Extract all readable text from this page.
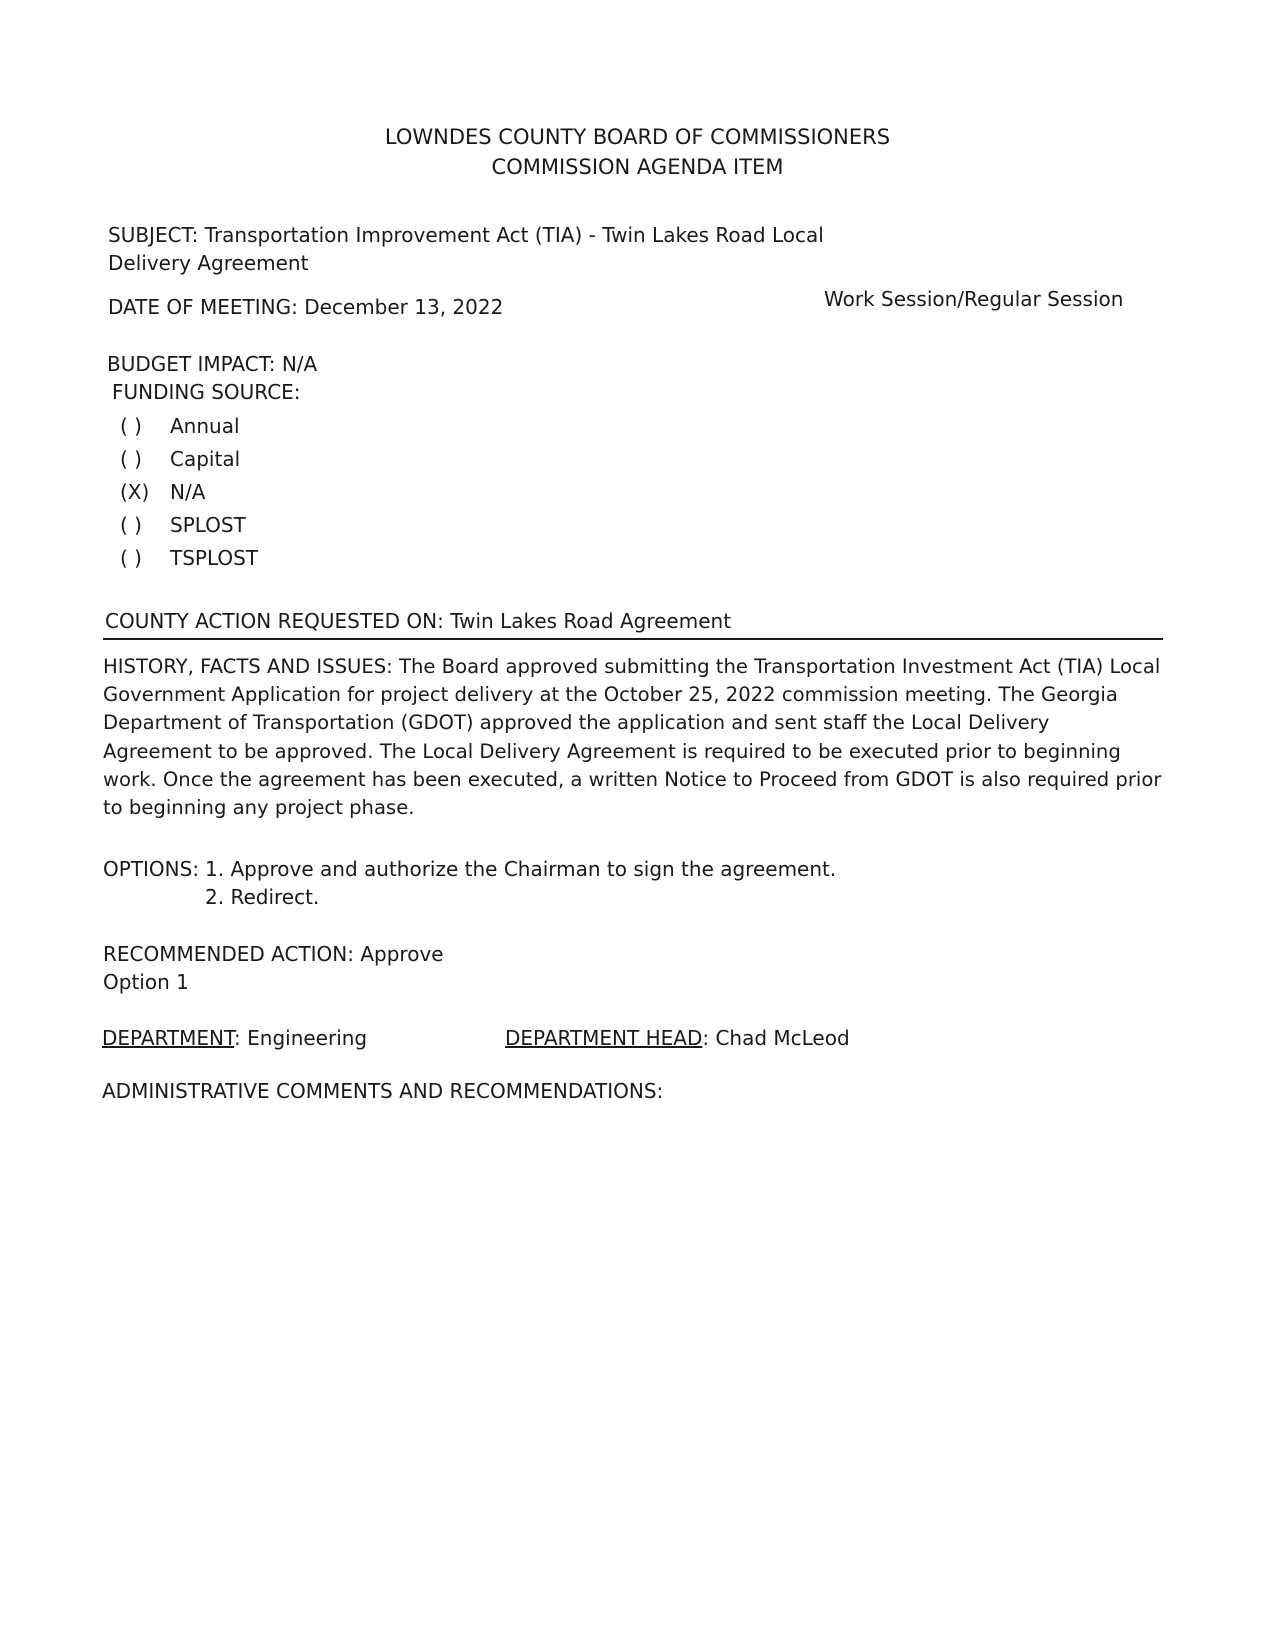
LOWNDES COUNTY BOARD OF COMMISSIONERS
COMMISSION AGENDA ITEM
SUBJECT: Transportation Improvement Act (TIA) - Twin Lakes Road Local
Delivery Agreement
DATE OF MEETING: December 13, 2022	Work Session/Regular Session
BUDGET IMPACT: N/A
FUNDING SOURCE:
( ) Annual
( ) Capital
(X) N/A
( ) SPLOST
( ) TSPLOST
COUNTY ACTION REQUESTED ON: Twin Lakes Road Agreement
HISTORY, FACTS AND ISSUES: The Board approved submitting the Transportation Investment Act (TIA) Local Government Application for project delivery at the October 25, 2022 commission meeting. The Georgia Department of Transportation (GDOT) approved the application and sent staff the Local Delivery Agreement to be approved. The Local Delivery Agreement is required to be executed prior to beginning work. Once the agreement has been executed, a written Notice to Proceed from GDOT is also required prior to beginning any project phase.
OPTIONS: 1. Approve and authorize the Chairman to sign the agreement.
2. Redirect.
RECOMMENDED ACTION: Approve
Option 1
DEPARTMENT: Engineering	DEPARTMENT HEAD: Chad McLeod
ADMINISTRATIVE COMMENTS AND RECOMMENDATIONS:
